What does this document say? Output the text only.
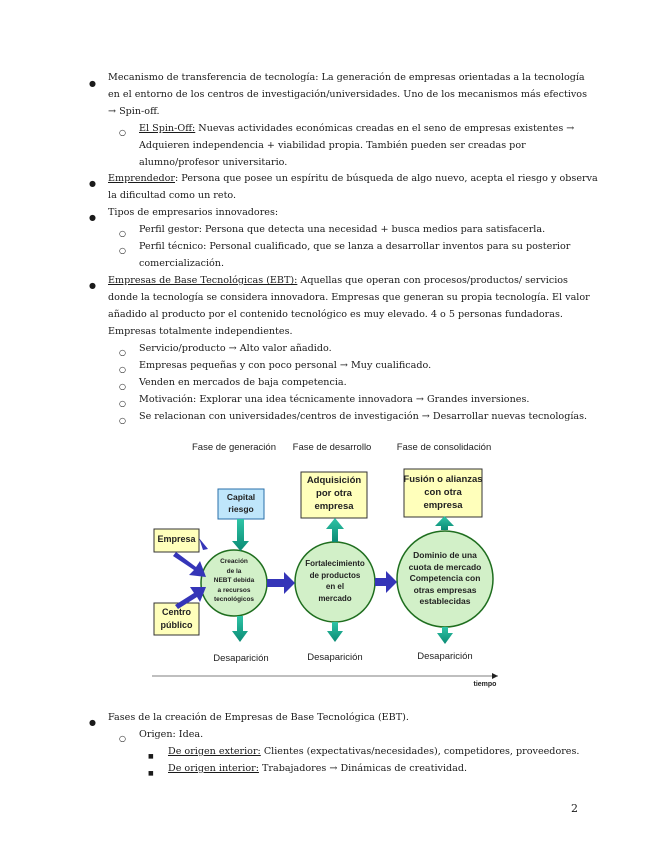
●
Mecanismo de transferencia de tecnología: La generación de empresas orientadas a la tecnología
en el entorno de los centros de investigación/universidades. Uno de los mecanismos más efectivos
→ Spin-off.
○ El Spin-Off: Nuevas actividades económicas creadas en el seno de empresas existentes →
Adquieren independencia + viabilidad propia. También pueden ser creadas por
alumno/profesor universitario.
● Emprendedor: Persona que posee un espíritu de búsqueda de algo nuevo, acepta el riesgo y observa
la dificultad como un reto.
● Tipos de empresarios innovadores:
○ Perfil gestor: Persona que detecta una necesidad + busca medios para satisfacerla.
○ Perfil técnico: Personal cualificado, que se lanza a desarrollar inventos para su posterior
comercialización.
● Empresas de Base Tecnológicas (EBT): Aquellas que operan con procesos/productos/ servicios
donde la tecnología se considera innovadora. Empresas que generan su propia tecnología. El valor
añadido al producto por el contenido tecnológico es muy elevado. 4 o 5 personas fundadoras.
Empresas totalmente independientes.
○ Servicio/producto → Alto valor añadido.
○ Empresas pequeñas y con poco personal → Muy cualificado.
○ Venden en mercados de baja competencia.
○ Motivación: Explorar una idea técnicamente innovadora → Grandes inversiones.
○ Se relacionan con universidades/centros de investigación → Desarrollar nuevas tecnologías.
Fase de generación	Fase de desarrollo	Fase de consolidación
Capital
riesgo
Adquisición
por otra
empresa
Fusión o alianzas
con otra
empresa
Empresa
Centro
público
Creación
de la
NEBT debida
a recursos
tecnológicos
Fortalecimiento
de productos
en el
mercado
Dominio de una
cuota de mercado
Competencia con
otras empresas
establecidas
Desaparición	Desaparición	Desaparición
tiempo
● Fases de la creación de Empresas de Base Tecnológica (EBT).
○ Origen: Idea.
■ De origen exterior: Clientes (expectativas/necesidades), competidores, proveedores.
■ De origen interior: Trabajadores → Dinámicas de creatividad.
2
